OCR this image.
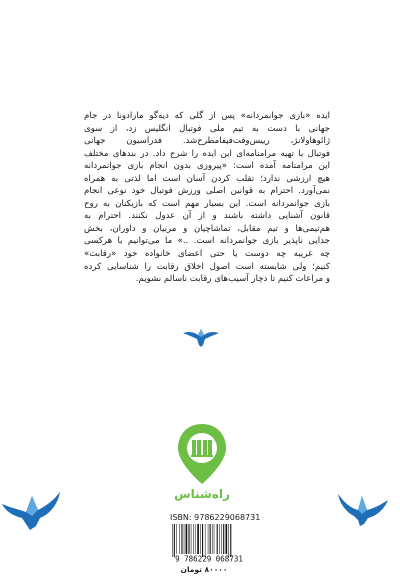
ایده «بازی جوانمردانه» پس از گلی که دیه‌گو مارادونا در جام
جهانی با دست به تیم ملی فوتبال انگلیس زد، از سوی
ژائوهاولانژ، رییس‌وقت‌فیفامطرح‌شد. فدراسیون جهانی
فوتبال با تهیه مرامنامه‌ای این ایده را شرح داد. در بندهای مختلف
این مرامنامه آمده است: «پیروزی بدون انجام بازی جوانمردانه
هیچ ارزشی ندارد؛ تقلب کردن آسان است اما لذتی به همراه
نمی‌آورد. احترام به قوانین اصلی ورزش فوتبال خود نوعی انجام
بازی جوانمردانه است. این بسیار مهم است که بازیکنان به روح
قانون آشنایی داشته باشند و از آن عدول نکنند. احترام به
هم‌تیمی‌ها و تیم مقابل، تماشاچیان و مربیان و داوران، بخش
جدایی ناپذیر بازی جوانمردانه است. ..» ما می‌توانیم با هرکسی
چه غریبه چه دوست یا حتی اعضای خانواده خود «رقابت»
کنیم؛ ولی شایسته است اصول اخلاق رقابت را شناسایی کرده
و مراعات کنیم تا دچار آسیب‌های رقابت ناسالم نشویم.
راه‌شناس
ISBN: 9786229068731
9 786229 068731
۸۰۰۰۰ تومان
